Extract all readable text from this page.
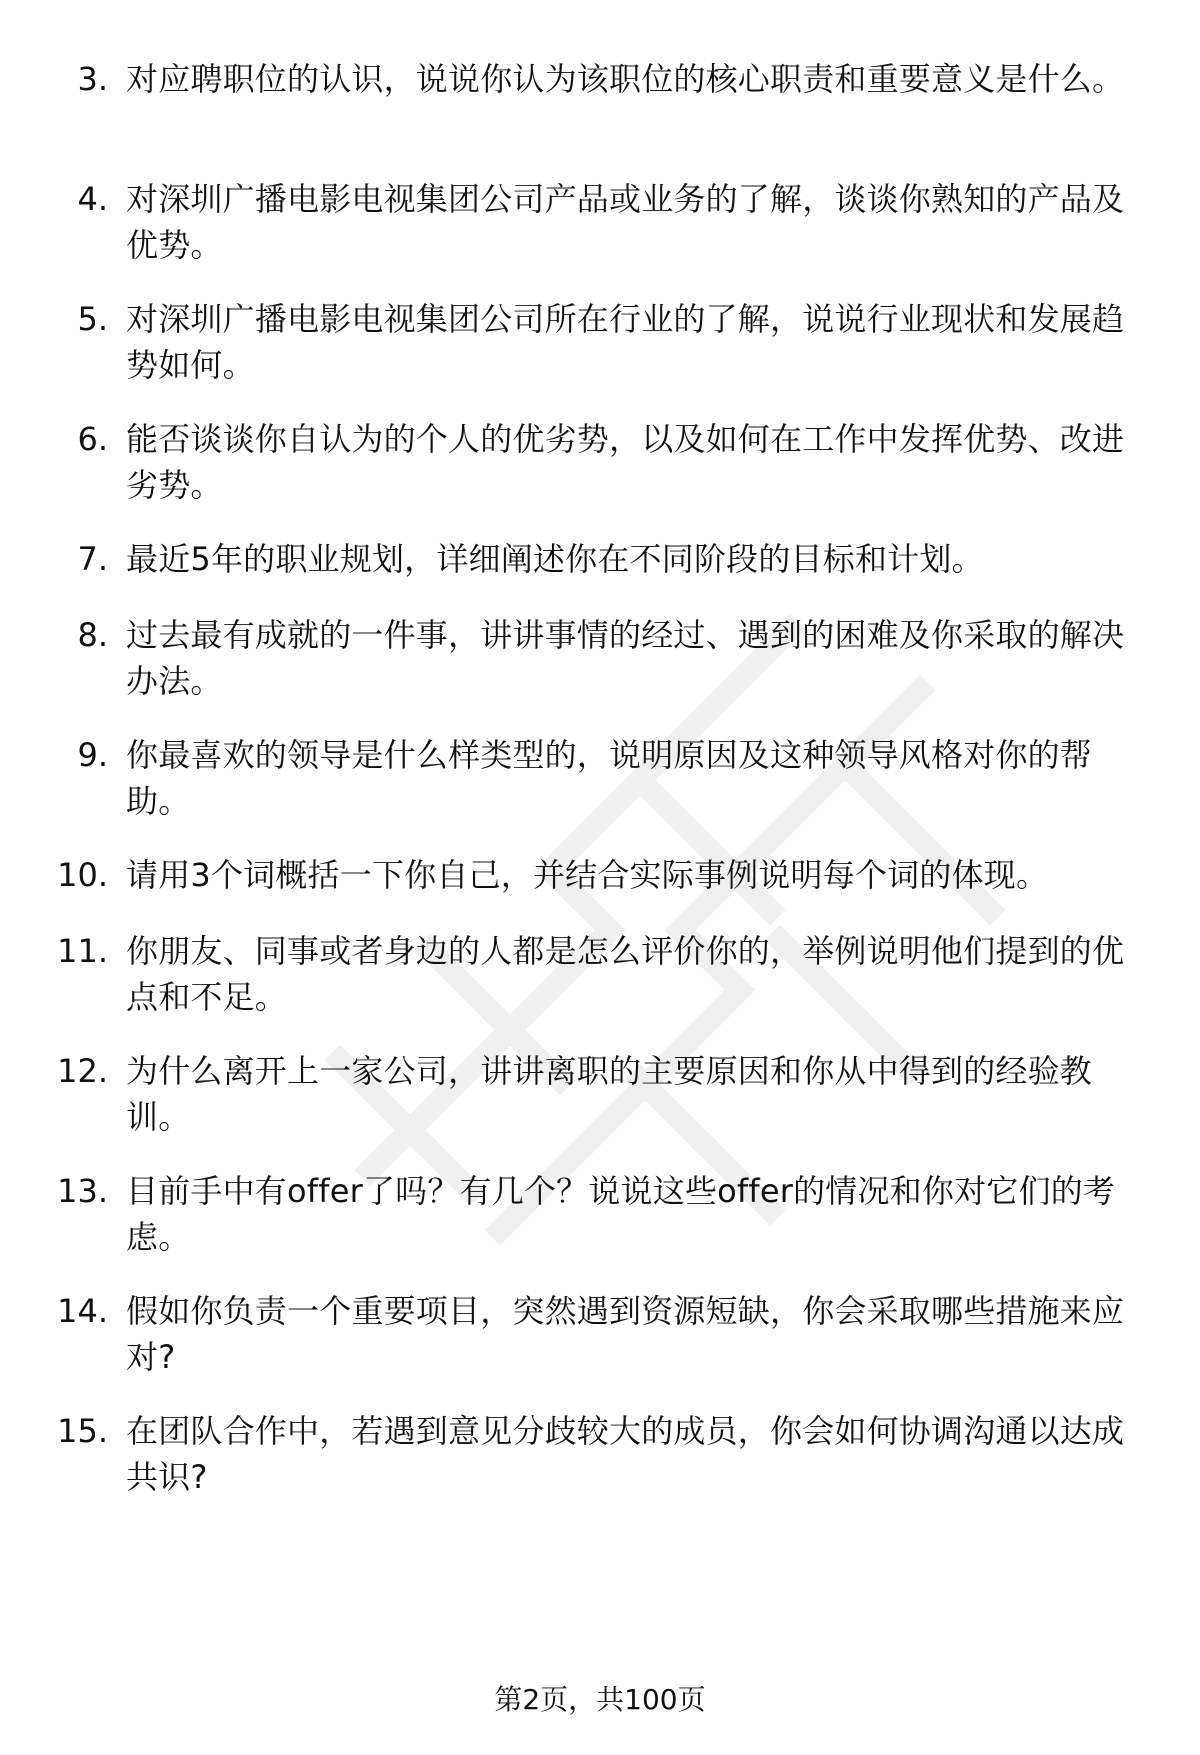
3. 对应聘职位的认识，说说你认为该职位的核心职责和重要意义是什么。
4. 对深圳广播电影电视集团公司产品或业务的了解，谈谈你熟知的产品及优势。
5. 对深圳广播电影电视集团公司所在行业的了解，说说行业现状和发展趋势如何。
6. 能否谈谈你自认为的个人的优劣势，以及如何在工作中发挥优势、改进劣势。
7. 最近5年的职业规划，详细阐述你在不同阶段的目标和计划。
8. 过去最有成就的一件事，讲讲事情的经过、遇到的困难及你采取的解决办法。
9. 你最喜欢的领导是什么样类型的，说明原因及这种领导风格对你的帮助。
10. 请用3个词概括一下你自己，并结合实际事例说明每个词的体现。
11. 你朋友、同事或者身边的人都是怎么评价你的，举例说明他们提到的优点和不足。
12. 为什么离开上一家公司，讲讲离职的主要原因和你从中得到的经验教训。
13. 目前手中有offer了吗？有几个？说说这些offer的情况和你对它们的考虑。
14. 假如你负责一个重要项目，突然遇到资源短缺，你会采取哪些措施来应对?
15. 在团队合作中，若遇到意见分歧较大的成员，你会如何协调沟通以达成共识?
第2页，共100页
